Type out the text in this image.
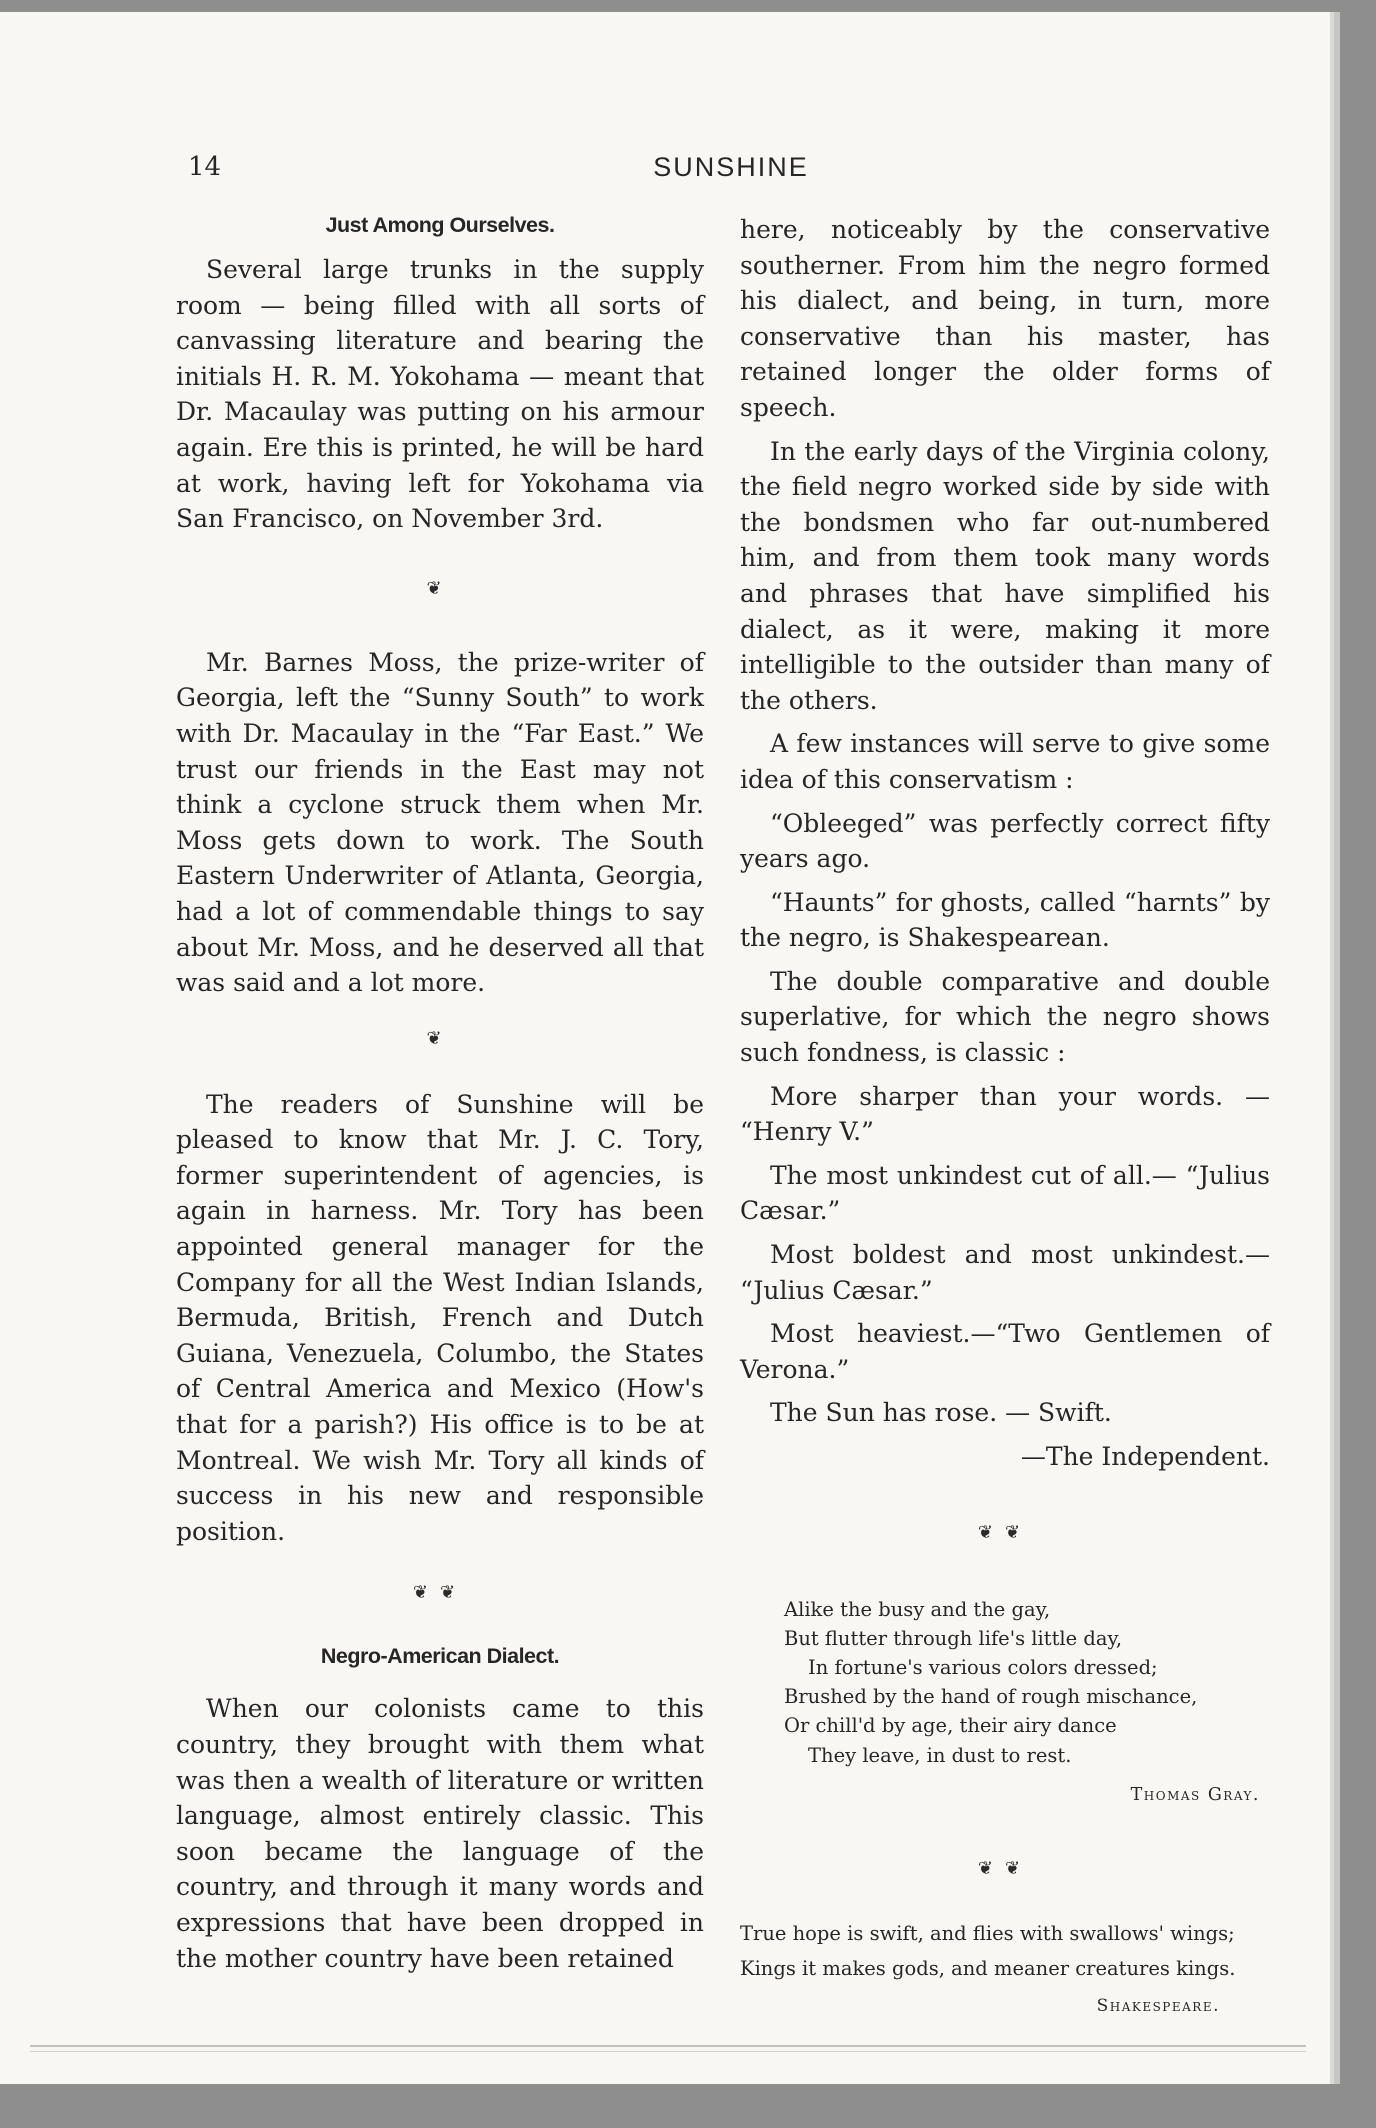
14	SUNSHINE
Just Among Ourselves.

Several large trunks in the supply room — being filled with all sorts of canvassing literature and bearing the initials H. R. M. Yokohama — meant that Dr. Macaulay was putting on his armour again. Ere this is printed, he will be hard at work, having left for Yokohama via San Francisco, on November 3rd.

❦

Mr. Barnes Moss, the prize-writer of Georgia, left the “Sunny South” to work with Dr. Macaulay in the “Far East.” We trust our friends in the East may not think a cyclone struck them when Mr. Moss gets down to work. The South Eastern Underwriter of Atlanta, Georgia, had a lot of commendable things to say about Mr. Moss, and he deserved all that was said and a lot more.

❦

The readers of Sunshine will be pleased to know that Mr. J. C. Tory, former superintendent of agencies, is again in harness. Mr. Tory has been appointed general manager for the Company for all the West Indian Islands, Bermuda, British, French and Dutch Guiana, Venezuela, Columbo, the States of Central America and Mexico (How's that for a parish?) His office is to be at Montreal. We wish Mr. Tory all kinds of success in his new and responsible position.

❦❦
Negro-American Dialect.

When our colonists came to this country, they brought with them what was then a wealth of literature or written language, almost entirely classic. This soon became the language of the country, and through it many words and expressions that have been dropped in the mother country have been retained

here, noticeably by the conservative southerner. From him the negro formed his dialect, and being, in turn, more conservative than his master, has retained longer the older forms of speech.

In the early days of the Virginia colony, the field negro worked side by side with the bondsmen who far out-numbered him, and from them took many words and phrases that have simplified his dialect, as it were, making it more intelligible to the outsider than many of the others.

A few instances will serve to give some idea of this conservatism :

“Obleeged” was perfectly correct fifty years ago.

“Haunts” for ghosts, called “harnts” by the negro, is Shakespearean.

The double comparative and double superlative, for which the negro shows such fondness, is classic :

More sharper than your words. — “Henry V.”

The most unkindest cut of all.— “Julius Cæsar.”

Most boldest and most unkindest.— “Julius Cæsar.”

Most heaviest.—“Two Gentlemen of Verona.”

The Sun has rose. — Swift.

—The Independent.

❦❦
Alike the busy and the gay,
But flutter through life's little day,
In fortune's various colors dressed;
Brushed by the hand of rough mischance,
Or chill'd by age, their airy dance
They leave, in dust to rest.
Thomas Gray.
❦❦

True hope is swift, and flies with swallows' wings;

Kings it makes gods, and meaner creatures kings.

Shakespeare.
